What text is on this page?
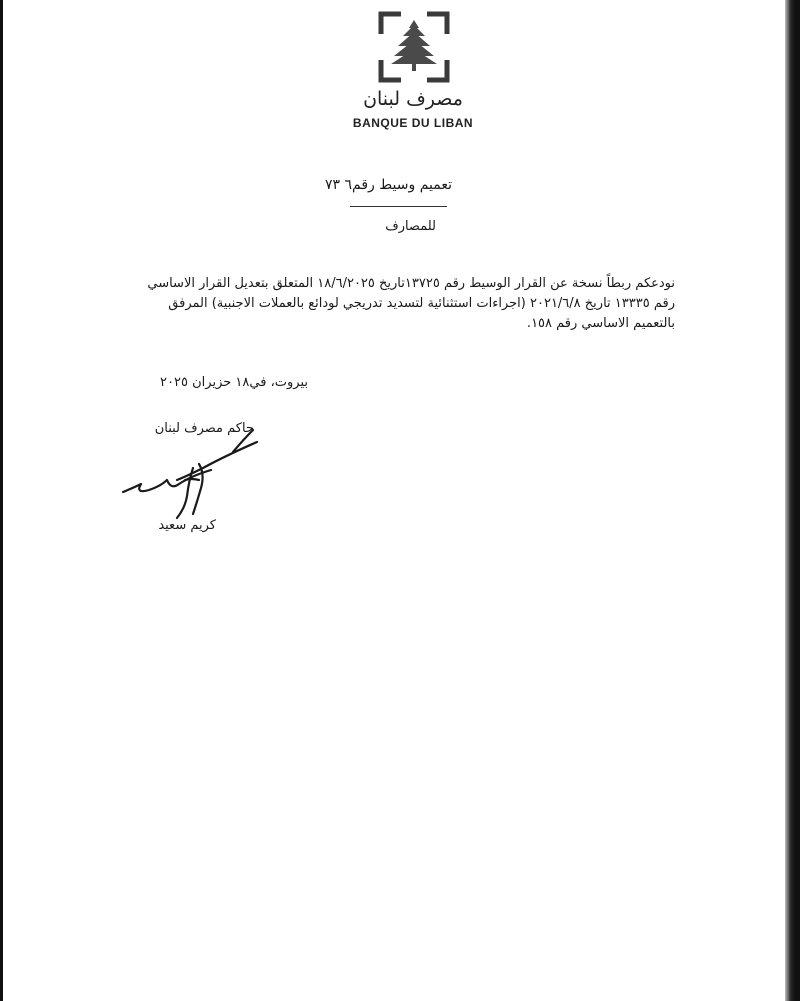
مصرف لبنان
BANQUE DU LIBAN
تعميم وسيط رقم٦ ٧٣
للمصارف
نودعكم ربطاً نسخة عن القرار الوسيط رقم ١٣٧٢٥تاريخ ١٨/٦/٢٠٢٥ المتعلق بتعديل القرار الاساسي
رقم ١٣٣٣٥ تاريخ ٢٠٢١/٦/٨ (اجراءات استثنائية لتسديد تدريجي لودائع بالعملات الاجنبية) المرفق
بالتعميم الاساسي رقم ١٥٨.
بيروت، في١٨ حزيران ٢٠٢٥
حاكم مصرف لبنان
كريم سعيد
